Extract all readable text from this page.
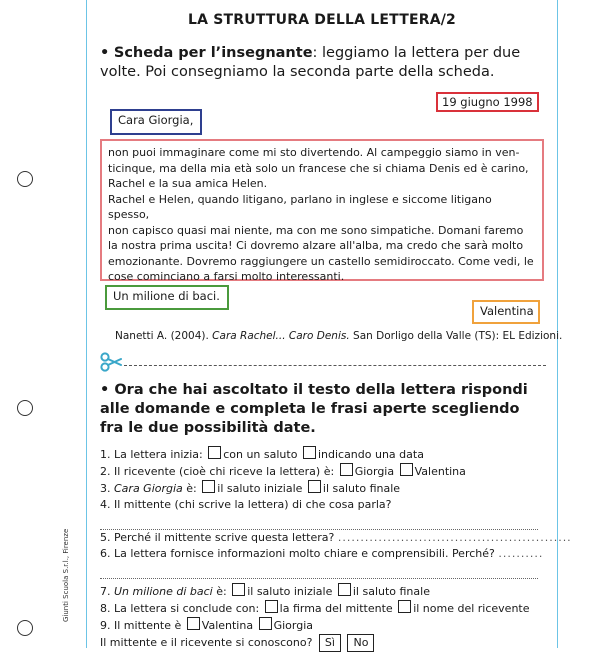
Giunti Scuola S.r.l., Firenze
LA STRUTTURA DELLA LETTERA/2
• Scheda per l’insegnante: leggiamo la lettera per due volte. Poi consegniamo la seconda parte della scheda.
19 giugno 1998
Cara Giorgia,
non puoi immaginare come mi sto divertendo. Al campeggio siamo in ven-
ticinque, ma della mia età solo un francese che si chiama Denis ed è carino,
Rachel e la sua amica Helen.
Rachel e Helen, quando litigano, parlano in inglese e siccome litigano spesso,
non capisco quasi mai niente, ma con me sono simpatiche. Domani faremo
la nostra prima uscita! Ci dovremo alzare all'alba, ma credo che sarà molto
emozionante. Dovremo raggiungere un castello semidiroccato. Come vedi, le
cose cominciano a farsi molto interessanti.
Un milione di baci.
Valentina
Nanetti A. (2004). Cara Rachel... Caro Denis. San Dorligo della Valle (TS): EL Edizioni.
• Ora che hai ascoltato il testo della lettera rispondi alle domande e completa le frasi aperte scegliendo fra le due possibilità date.
1. La lettera inizia: con un saluto indicando una data
2. Il ricevente (cioè chi riceve la lettera) è: Giorgia Valentina
3. Cara Giorgia è: il saluto iniziale il saluto finale
4. Il mittente (chi scrive la lettera) di che cosa parla?
5. Perché il mittente scrive questa lettera? ....................................................
6. La lettera fornisce informazioni molto chiare e comprensibili. Perché? ..........
7. Un milione di baci è: il saluto iniziale il saluto finale
8. La lettera si conclude con: la firma del mittente il nome del ricevente
9. Il mittente è Valentina Giorgia
Il mittente e il ricevente si conoscono? Sì No
